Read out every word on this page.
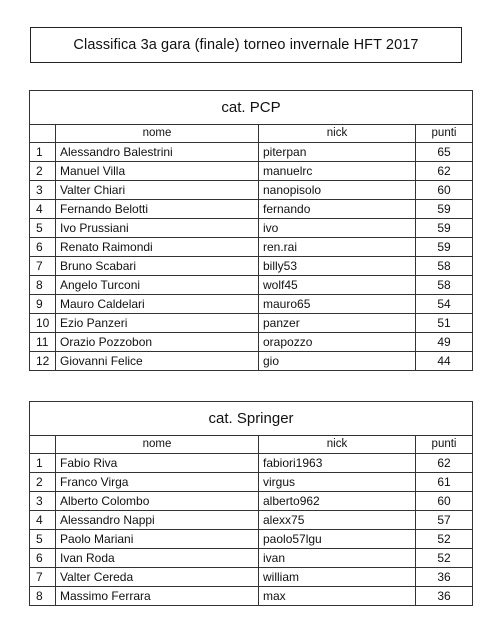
Classifica 3a gara (finale) torneo invernale HFT 2017
cat. PCP			
	nome	nick	punti
1	Alessandro Balestrini	piterpan	65
2	Manuel Villa	manuelrc	62
3	Valter Chiari	nanopisolo	60
4	Fernando Belotti	fernando	59
5	Ivo Prussiani	ivo	59
6	Renato Raimondi	ren.rai	59
7	Bruno Scabari	billy53	58
8	Angelo Turconi	wolf45	58
9	Mauro Caldelari	mauro65	54
10	Ezio Panzeri	panzer	51
11	Orazio Pozzobon	orapozzo	49
12	Giovanni Felice	gio	44
cat. Springer			
	nome	nick	punti
1	Fabio Riva	fabiori1963	62
2	Franco Virga	virgus	61
3	Alberto Colombo	alberto962	60
4	Alessandro Nappi	alexx75	57
5	Paolo Mariani	paolo57lgu	52
6	Ivan Roda	ivan	52
7	Valter Cereda	william	36
8	Massimo Ferrara	max	36
